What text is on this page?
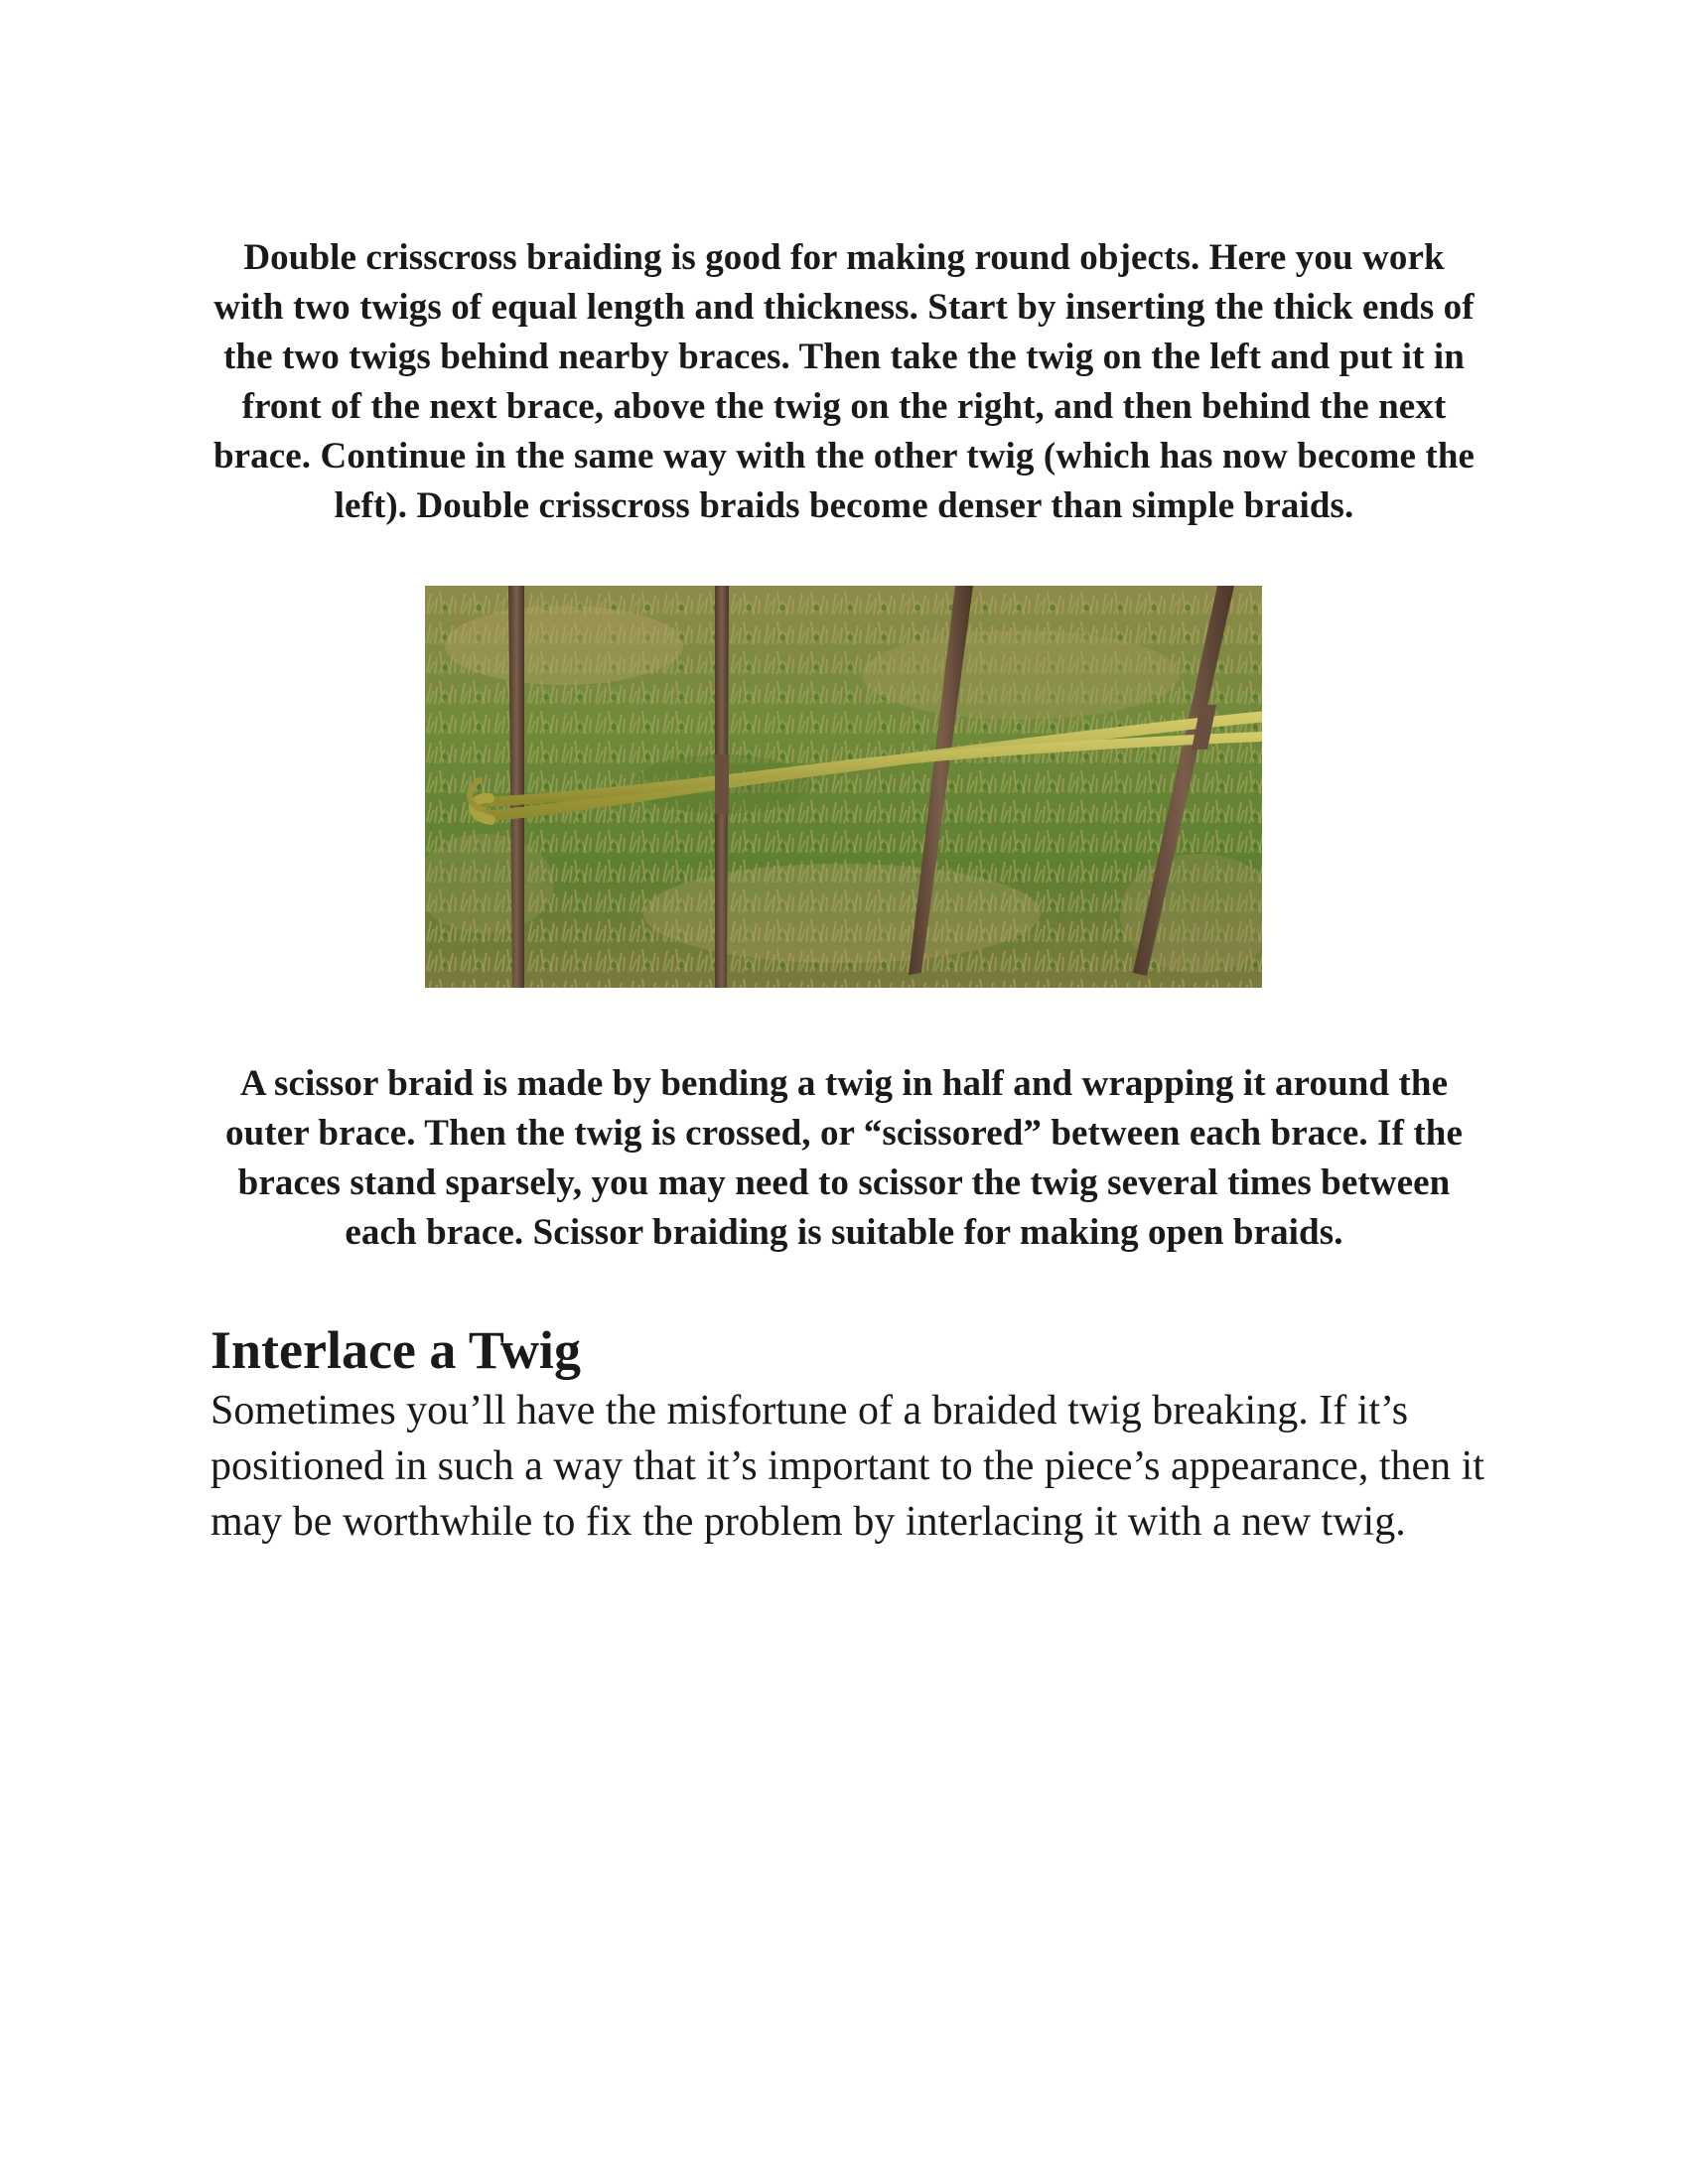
Double crisscross braiding is good for making round objects. Here you work with two twigs of equal length and thickness. Start by inserting the thick ends of the two twigs behind nearby braces. Then take the twig on the left and put it in front of the next brace, above the twig on the right, and then behind the next brace. Continue in the same way with the other twig (which has now become the left). Double crisscross braids become denser than simple braids.

A scissor braid is made by bending a twig in half and wrapping it around the outer brace. Then the twig is crossed, or “scissored” between each brace. If the braces stand sparsely, you may need to scissor the twig several times between each brace. Scissor braiding is suitable for making open braids.

Interlace a Twig

Sometimes you’ll have the misfortune of a braided twig breaking. If it’s positioned in such a way that it’s important to the piece’s appearance, then it may be worthwhile to fix the problem by interlacing it with a new twig.
